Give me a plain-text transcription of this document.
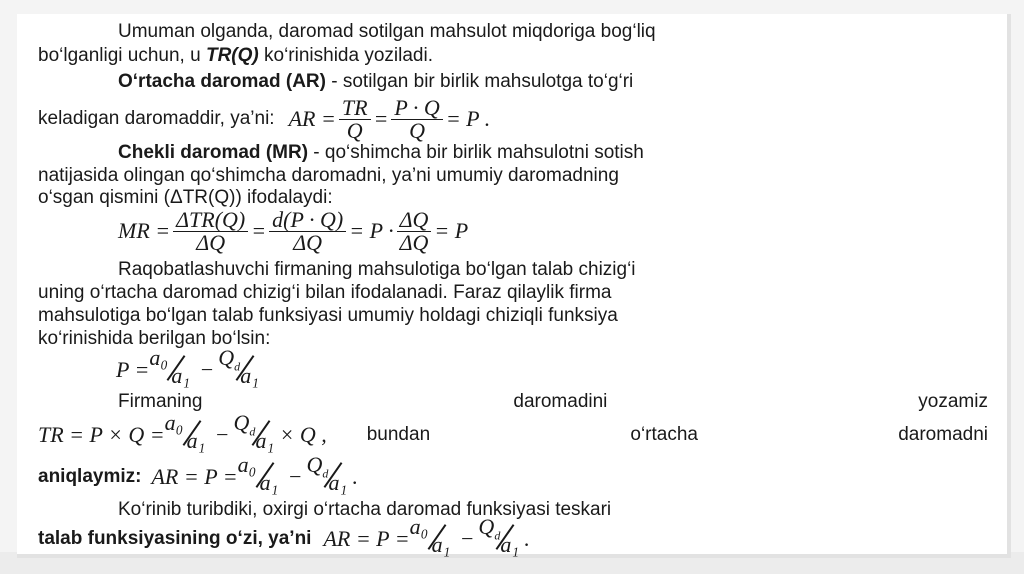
Umuman olganda, daromad sotilgan mahsulot miqdoriga bog‘liq
bo‘lganligi uchun, u TR(Q) ko‘rinishida yoziladi.
O‘rtacha daromad (AR) - sotilgan bir birlik mahsulotga to‘g‘ri
keladigan daromaddir, ya’ni: AR = $\frac{TR}{Q} = \frac{P \cdot Q}{Q} = P$ .
Chekli daromad (MR) - qo‘shimcha bir birlik mahsulotni sotish
natijasida olingan qo‘shimcha daromadni, ya’ni umumiy daromadning
o‘sgan qismini (ΔTR(Q)) ifodalaydi:
MR = $\frac{\text{ΔTR(Q)}}{\Delta Q} = \frac{d(P \cdot Q)}{\Delta Q} = P \cdot \frac{\Delta Q}{\Delta Q} = P$
Raqobatlashuvchi firmaning mahsulotiga bo‘lgan talab chizig‘i
uning o‘rtacha daromad chizig‘i bilan ifodalanadi. Faraz qilaylik firma
mahsulotiga bo‘lgan talab funksiyasi umumiy holdagi chiziqli funksiya
ko‘rinishida berilgan bo‘lsin:
P = a₀
$a_1 - Q_d$ a₁
Firmaning	daromadini	yozamiz
TR = P × Q = a₀
$a_1 - Q_d$ a₁ × Q , bundan	o‘rtacha	daromadni
aniqlaymiz: AR = P = a₀
$a_1 - Q_d$ a₁ .
Ko‘rinib turibdiki, oxirgi o‘rtacha daromad funksiyasi teskari
talab funksiyasining o‘zi, ya’ni AR = P = a₀
$a_1 - Q_d$ a₁ .
